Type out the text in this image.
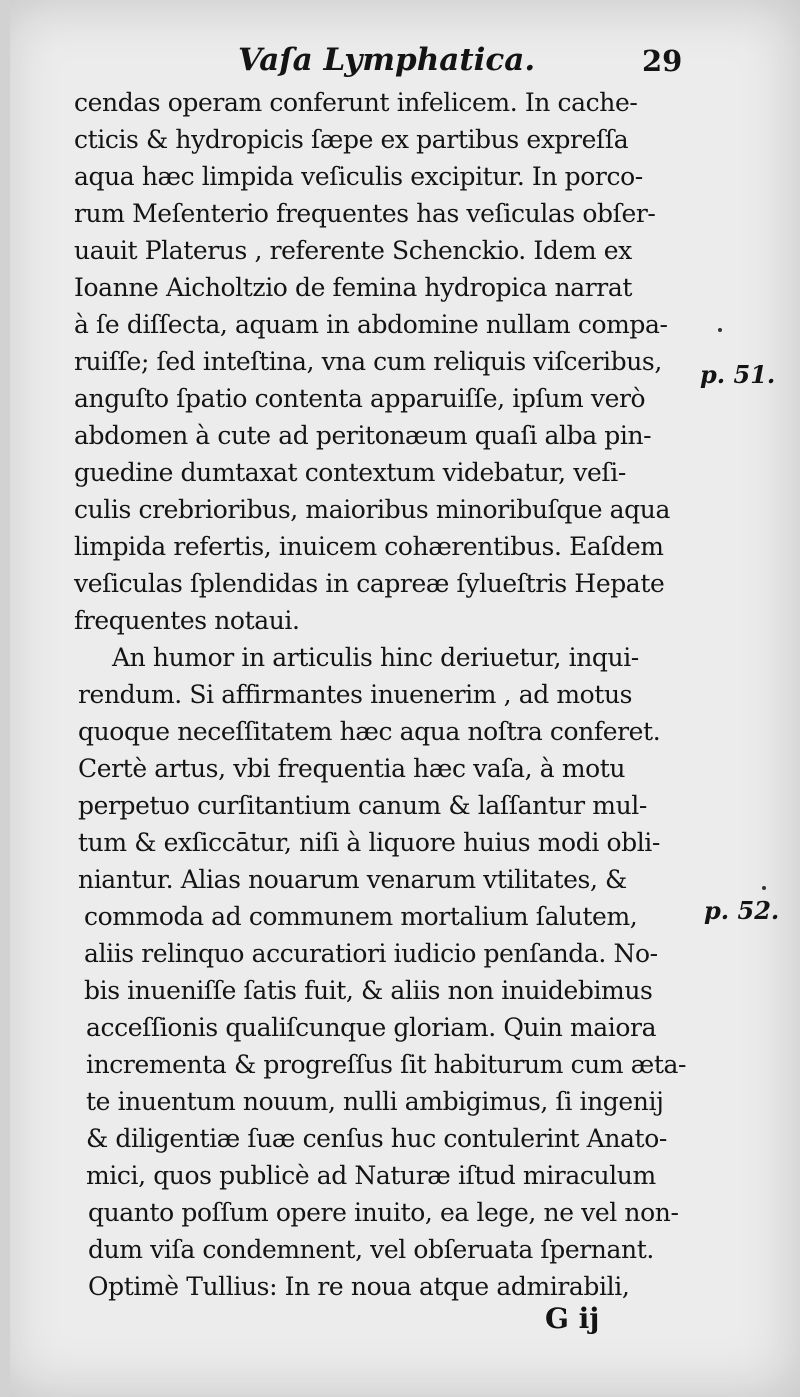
Vaſa Lymphatica.	29
cendas operam conferunt infelicem. In cache-
cticis & hydropicis ſæpe ex partibus expreſſa
aqua hæc limpida veſiculis excipitur. In porco-
rum Meſenterio frequentes has veſiculas obſer-
uauit Platerus , referente Schenckio. Idem ex
Ioanne Aicholtzio de femina hydropica narrat
à ſe diſſecta, aquam in abdomine nullam compa-
ruiſſe; ſed inteſtina, vna cum reliquis viſceribus,
anguſto ſpatio contenta apparuiſſe, ipſum verò
abdomen à cute ad peritonæum quaſi alba pin-
guedine dumtaxat contextum videbatur, veſi-
culis crebrioribus, maioribus minoribuſque aqua
limpida refertis, inuicem cohærentibus. Eaſdem
veſiculas ſplendidas in capreæ ſylueſtris Hepate
frequentes notaui.
An humor in articulis hinc deriuetur, inqui-
rendum. Si affirmantes inuenerim , ad motus
quoque neceſſitatem hæc aqua noſtra conferet.
Certè artus, vbi frequentia hæc vaſa, à motu
perpetuo curſitantium canum & laſſantur mul-
tum & exſiccātur, niſi à liquore huius modi obli-
niantur. Alias nouarum venarum vtilitates, &
commoda ad communem mortalium ſalutem,
aliis relinquo accuratiori iudicio penſanda. No-
bis inueniſſe ſatis fuit, & aliis non inuidebimus
acceſſionis qualiſcunque gloriam. Quin maiora
incrementa & progreſſus ſit habiturum cum æta-
te inuentum nouum, nulli ambigimus, ſi ingenij
& diligentiæ ſuæ cenſus huc contulerint Anato-
mici, quos publicè ad Naturæ iſtud miraculum
quanto poſſum opere inuito, ea lege, ne vel non-
dum viſa condemnent, vel obſeruata ſpernant.
Optimè Tullius: In re noua atque admirabili,
p. 51.
p. 52.
G ij
